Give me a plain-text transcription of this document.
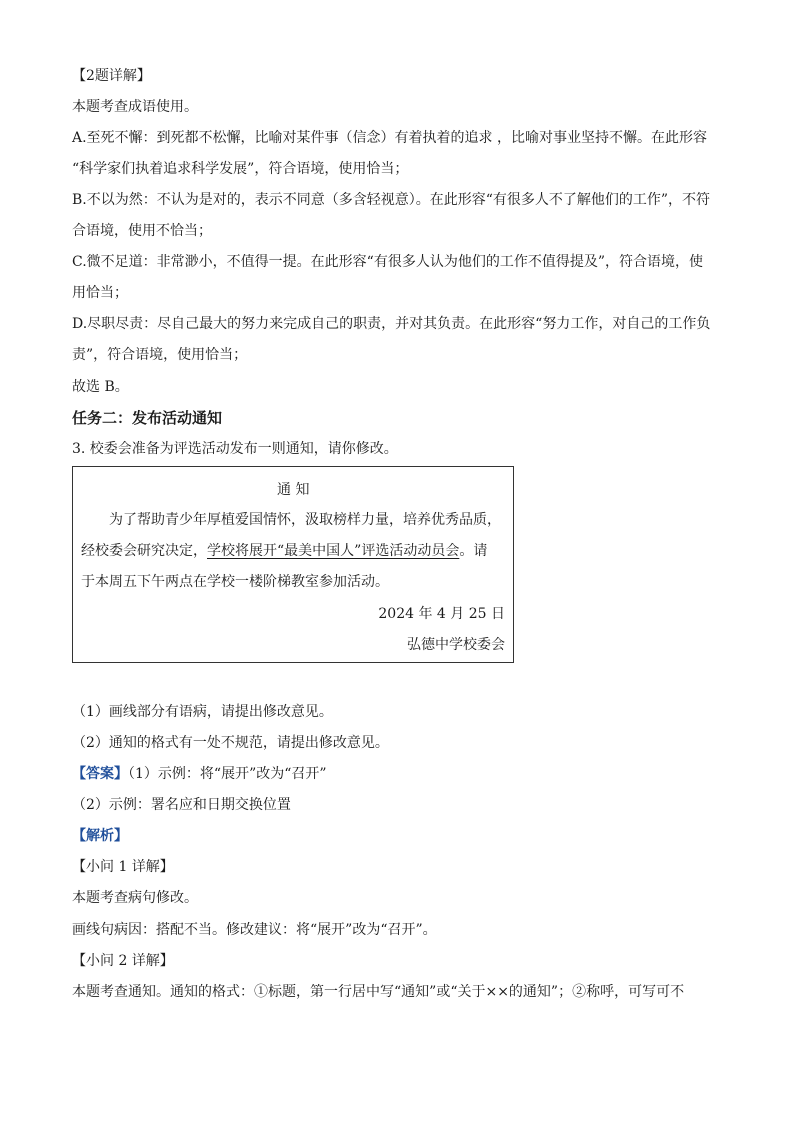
【2题详解】
本题考查成语使用。
A.至死不懈：到死都不松懈，比喻对某件事（信念）有着执着的追求 ，比喻对事业坚持不懈。在此形容
“科学家们执着追求科学发展”，符合语境，使用恰当；
B.不以为然：不认为是对的，表示不同意（多含轻视意）。在此形容“有很多人不了解他们的工作”，不符
合语境，使用不恰当；
C.微不足道：非常渺小，不值得一提。在此形容“有很多人认为他们的工作不值得提及”，符合语境，使
用恰当；
D.尽职尽责：尽自己最大的努力来完成自己的职责，并对其负责。在此形容“努力工作，对自己的工作负
责”，符合语境，使用恰当；
故选 B。
任务二：发布活动通知
3. 校委会准备为评选活动发布一则通知，请你修改。
通 知
为了帮助青少年厚植爱国情怀，汲取榜样力量，培养优秀品质，
经校委会研究决定，学校将展开“最美中国人”评选活动动员会。请
于本周五下午两点在学校一楼阶梯教室参加活动。
2024 年 4 月 25 日
弘德中学校委会
（1）画线部分有语病，请提出修改意见。
（2）通知的格式有一处不规范，请提出修改意见。
【答案】（1）示例：将“展开”改为“召开”
（2）示例：署名应和日期交换位置
【解析】
【小问 1 详解】
本题考查病句修改。
画线句病因：搭配不当。修改建议：将“展开”改为“召开”。
【小问 2 详解】
本题考查通知。通知的格式：①标题，第一行居中写“通知”或“关于××的通知”；②称呼，可写可不
